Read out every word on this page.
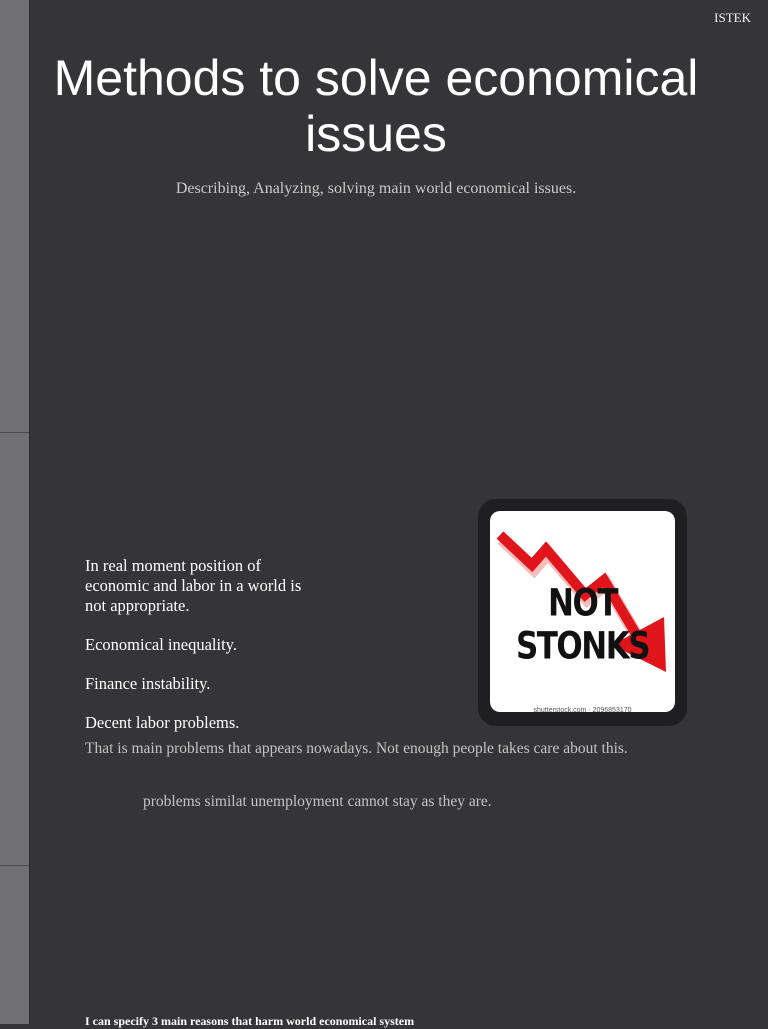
ISTEK
Methods to solve economical issues
Describing, Analyzing, solving main world economical issues.
In real moment position of economic and labor in a world is not appropriate.
Economical inequality.
Finance instability.
Decent labor problems.
That is main problems that appears nowadays. Not enough people takes care about this.
problems similat unemployment cannot stay as they are.
I can specify 3 main reasons that harm world economical system
NOT STONKS
shutterstock.com · 2096853170
